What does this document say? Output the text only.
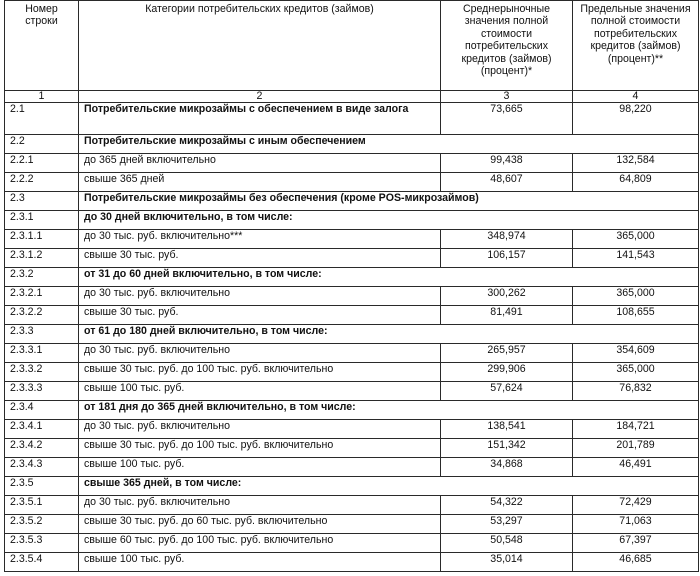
Номер строки	Категории потребительских кредитов (займов)	Среднерыночные значения полной стоимости потребительских кредитов (займов) (процент)*	Предельные значения полной стоимости потребительских кредитов (займов) (процент)**
1	2	3	4
2.1	Потребительские микрозаймы с обеспечением в виде залога	73,665	98,220
2.2	Потребительские микрозаймы с иным обеспечением		
2.2.1	до 365 дней включительно	99,438	132,584
2.2.2	свыше 365 дней	48,607	64,809
2.3	Потребительские микрозаймы без обеспечения (кроме POS-микрозаймов)		
2.3.1	до 30 дней включительно, в том числе:		
2.3.1.1	до 30 тыс. руб. включительно***	348,974	365,000
2.3.1.2	свыше 30 тыс. руб.	106,157	141,543
2.3.2	от 31 до 60 дней включительно, в том числе:		
2.3.2.1	до 30 тыс. руб. включительно	300,262	365,000
2.3.2.2	свыше 30 тыс. руб.	81,491	108,655
2.3.3	от 61 до 180 дней включительно, в том числе:		
2.3.3.1	до 30 тыс. руб. включительно	265,957	354,609
2.3.3.2	свыше 30 тыс. руб. до 100 тыс. руб. включительно	299,906	365,000
2.3.3.3	свыше 100 тыс. руб.	57,624	76,832
2.3.4	от 181 дня до 365 дней включительно, в том числе:		
2.3.4.1	до 30 тыс. руб. включительно	138,541	184,721
2.3.4.2	свыше 30 тыс. руб. до 100 тыс. руб. включительно	151,342	201,789
2.3.4.3	свыше 100 тыс. руб.	34,868	46,491
2.3.5	свыше 365 дней, в том числе:		
2.3.5.1	до 30 тыс. руб. включительно	54,322	72,429
2.3.5.2	свыше 30 тыс. руб. до 60 тыс. руб. включительно	53,297	71,063
2.3.5.3	свыше 60 тыс. руб. до 100 тыс. руб. включительно	50,548	67,397
2.3.5.4	свыше 100 тыс. руб.	35,014	46,685
